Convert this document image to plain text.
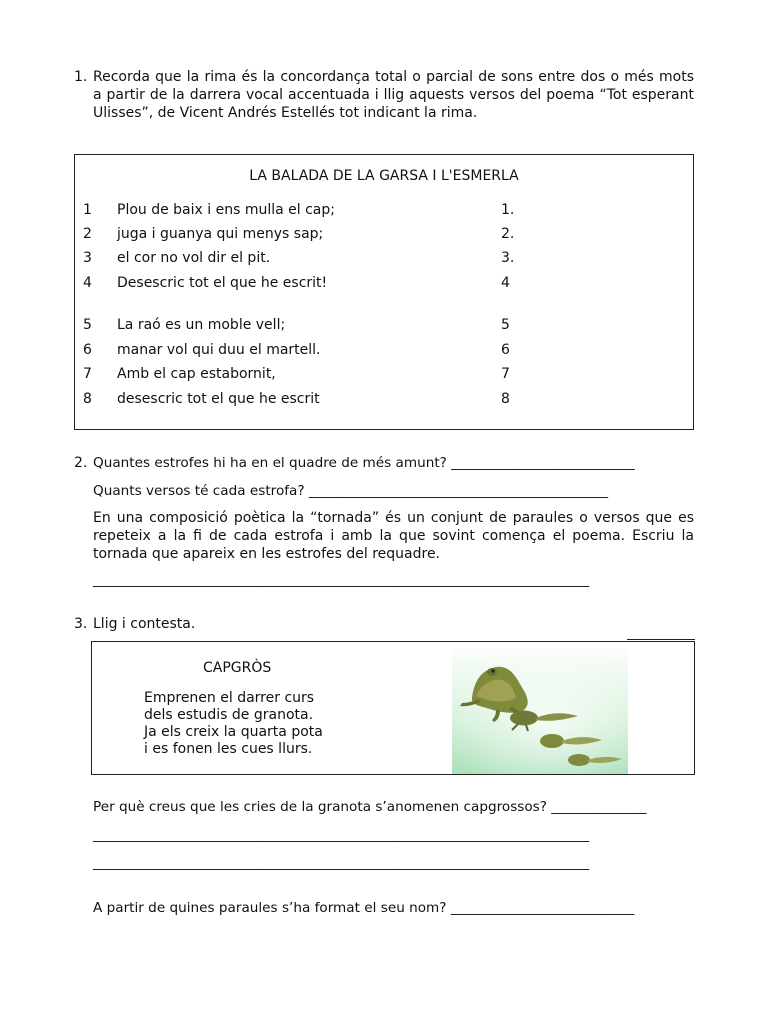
1. Recorda que la rima és la concordança total o parcial de sons entre dos o més mots a partir de la darrera vocal accentuada i llig aquests versos del poema “Tot esperant Ulisses”, de Vicent Andrés Estellés tot indicant la rima.
LA BALADA DE LA GARSA I L'ESMERLA
1 Plou de baix i ens mulla el cap;	1.
2 juga i guanya qui menys sap;	2.
3 el cor no vol dir el pit.	3.
4 Desescric tot el que he escrit!	4
5 La raó es un moble vell;	5
6 manar vol qui duu el martell.	6
7 Amb el cap estabornit,	7
8 desescric tot el que he escrit	8
2. Quantes estrofes hi ha en el quadre de més amunt? ___________________________
Quants versos té cada estrofa? ____________________________________________
En una composició poètica la “tornada” és un conjunt de paraules o versos que es repeteix a la fi de cada estrofa i amb la que sovint comença el poema. Escriu la tornada que apareix en les estrofes del requadre.
_________________________________________________________________________
3. Llig i contesta.
CAPGRÒS
Emprenen el darrer curs
dels estudis de granota.
Ja els creix la quarta pota
i es fonen les cues llurs.
Per què creus que les cries de la granota s’anomenen capgrossos? ______________
_________________________________________________________________________
_________________________________________________________________________
A partir de quines paraules s’ha format el seu nom? ___________________________
